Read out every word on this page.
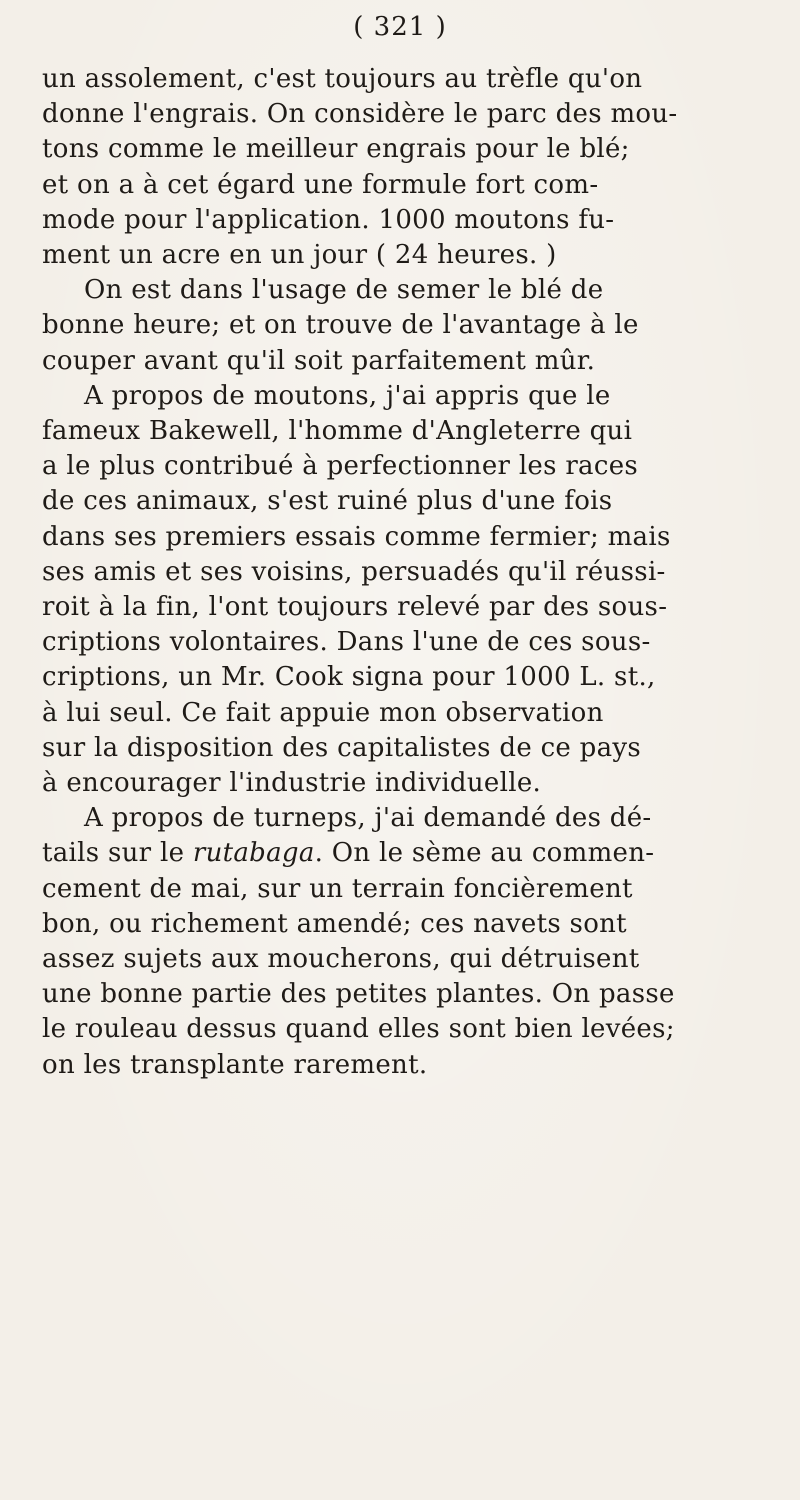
( 321 )
un assolement, c'est toujours au trèfle qu'on
donne l'engrais. On considère le parc des mou-
tons comme le meilleur engrais pour le blé;
et on a à cet égard une formule fort com-
mode pour l'application. 1000 moutons fu-
ment un acre en un jour ( 24 heures. )
On est dans l'usage de semer le blé de
bonne heure; et on trouve de l'avantage à le
couper avant qu'il soit parfaitement mûr.
A propos de moutons, j'ai appris que le
fameux Bakewell, l'homme d'Angleterre qui
a le plus contribué à perfectionner les races
de ces animaux, s'est ruiné plus d'une fois
dans ses premiers essais comme fermier; mais
ses amis et ses voisins, persuadés qu'il réussi-
roit à la fin, l'ont toujours relevé par des sous-
criptions volontaires. Dans l'une de ces sous-
criptions, un Mr. Cook signa pour 1000 L. st.,
à lui seul. Ce fait appuie mon observation
sur la disposition des capitalistes de ce pays
à encourager l'industrie individuelle.
A propos de turneps, j'ai demandé des dé-
tails sur le rutabaga. On le sème au commen-
cement de mai, sur un terrain foncièrement
bon, ou richement amendé; ces navets sont
assez sujets aux moucherons, qui détruisent
une bonne partie des petites plantes. On passe
le rouleau dessus quand elles sont bien levées;
on les transplante rarement.
